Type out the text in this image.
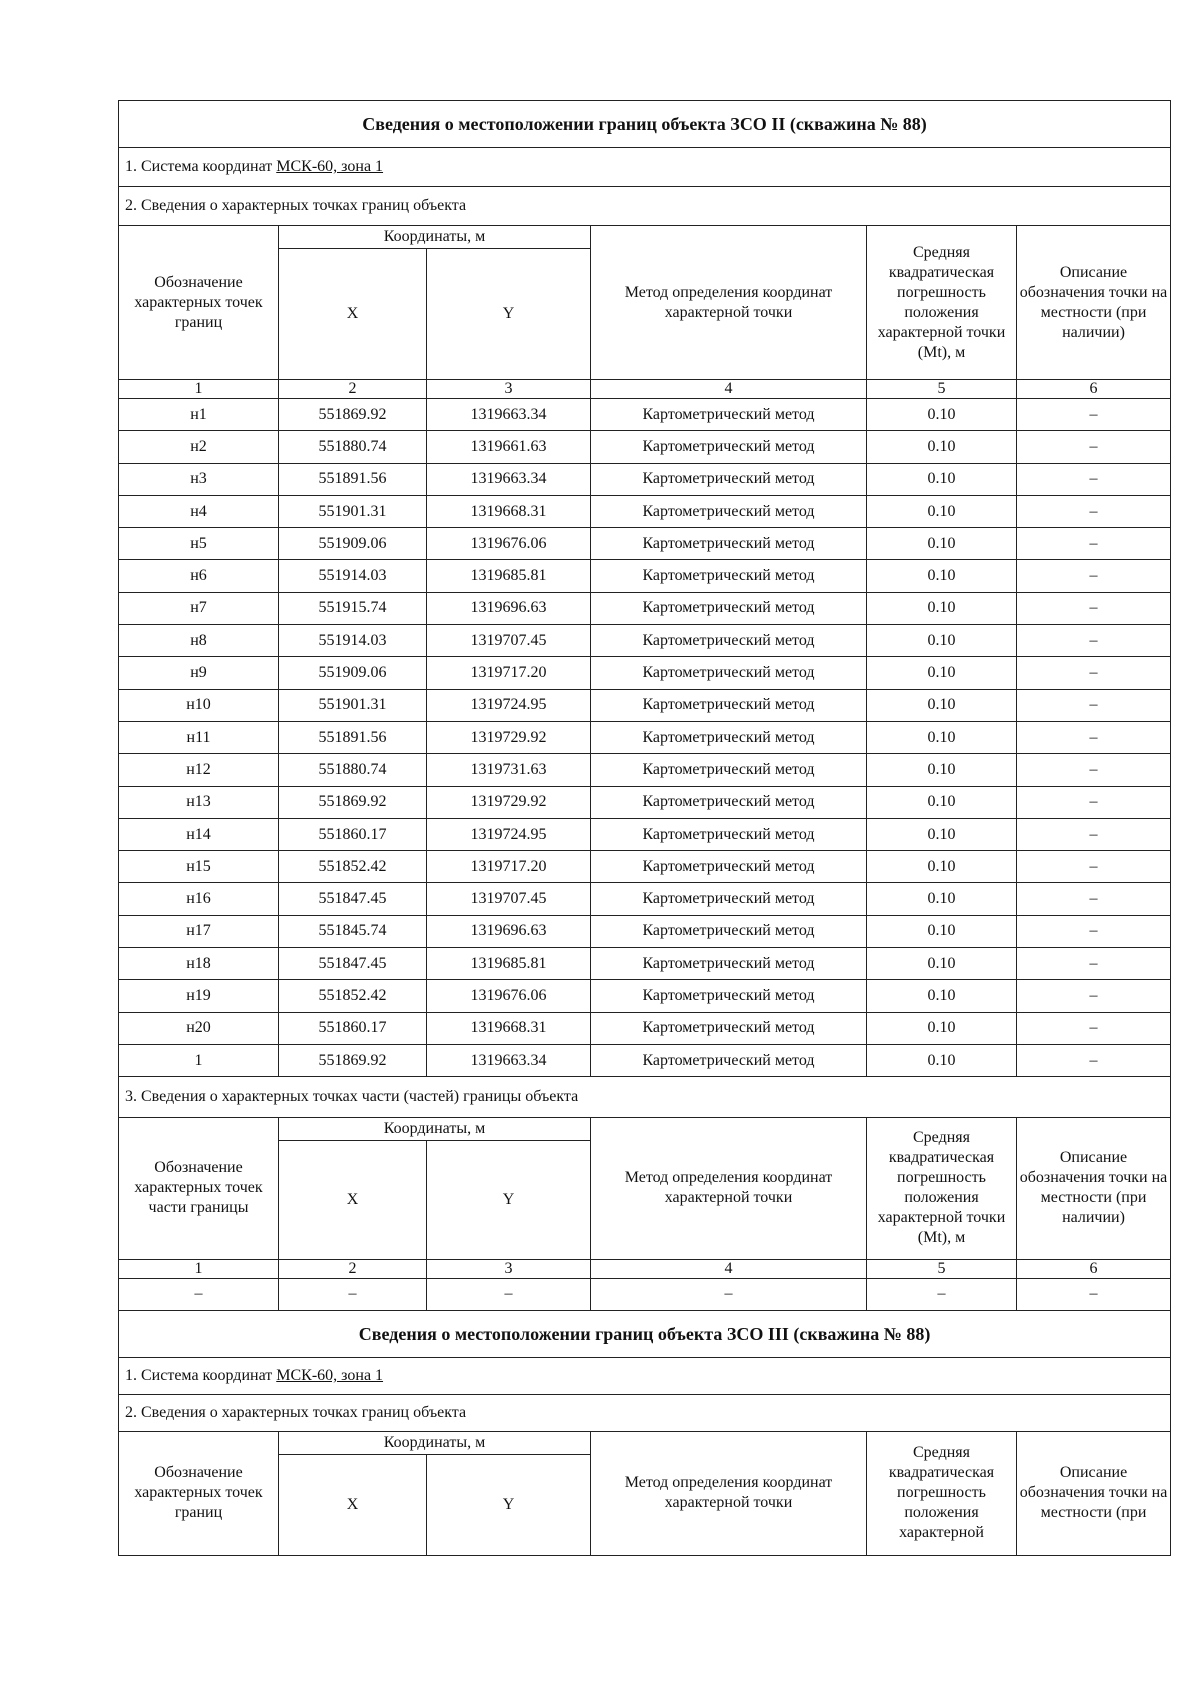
Сведения о местоположении границ объекта ЗСО II (скважина № 88)					
1. Система координат МСК-60, зона 1					
2. Сведения о характерных точках границ объекта					
Обозначение характерных точек границ	Координаты, м		Метод определения координат характерной точки	Средняя квадратическая погрешность положения характерной точки (Mt), м	Описание обозначения точки на местности (при наличии)
	X	Y			
1	2	3	4	5	6
н1	551869.92	1319663.34	Картометрический метод	0.10	–
н2	551880.74	1319661.63	Картометрический метод	0.10	–
н3	551891.56	1319663.34	Картометрический метод	0.10	–
н4	551901.31	1319668.31	Картометрический метод	0.10	–
н5	551909.06	1319676.06	Картометрический метод	0.10	–
н6	551914.03	1319685.81	Картометрический метод	0.10	–
н7	551915.74	1319696.63	Картометрический метод	0.10	–
н8	551914.03	1319707.45	Картометрический метод	0.10	–
н9	551909.06	1319717.20	Картометрический метод	0.10	–
н10	551901.31	1319724.95	Картометрический метод	0.10	–
н11	551891.56	1319729.92	Картометрический метод	0.10	–
н12	551880.74	1319731.63	Картометрический метод	0.10	–
н13	551869.92	1319729.92	Картометрический метод	0.10	–
н14	551860.17	1319724.95	Картометрический метод	0.10	–
н15	551852.42	1319717.20	Картометрический метод	0.10	–
н16	551847.45	1319707.45	Картометрический метод	0.10	–
н17	551845.74	1319696.63	Картометрический метод	0.10	–
н18	551847.45	1319685.81	Картометрический метод	0.10	–
н19	551852.42	1319676.06	Картометрический метод	0.10	–
н20	551860.17	1319668.31	Картометрический метод	0.10	–
1	551869.92	1319663.34	Картометрический метод	0.10	–
3. Сведения о характерных точках части (частей) границы объекта					
Обозначение характерных точек части границы	Координаты, м		Метод определения координат характерной точки	Средняя квадратическая погрешность положения характерной точки (Mt), м	Описание обозначения точки на местности (при наличии)
	X	Y			
1	2	3	4	5	6
–	–	–	–	–	–
Сведения о местоположении границ объекта ЗСО III (скважина № 88)					
1. Система координат МСК-60, зона 1					
2. Сведения о характерных точках границ объекта					
Обозначение характерных точек границ	Координаты, м		Метод определения координат характерной точки	Средняя квадратическая погрешность положения характерной	Описание обозначения точки на местности (при
	X	Y			
